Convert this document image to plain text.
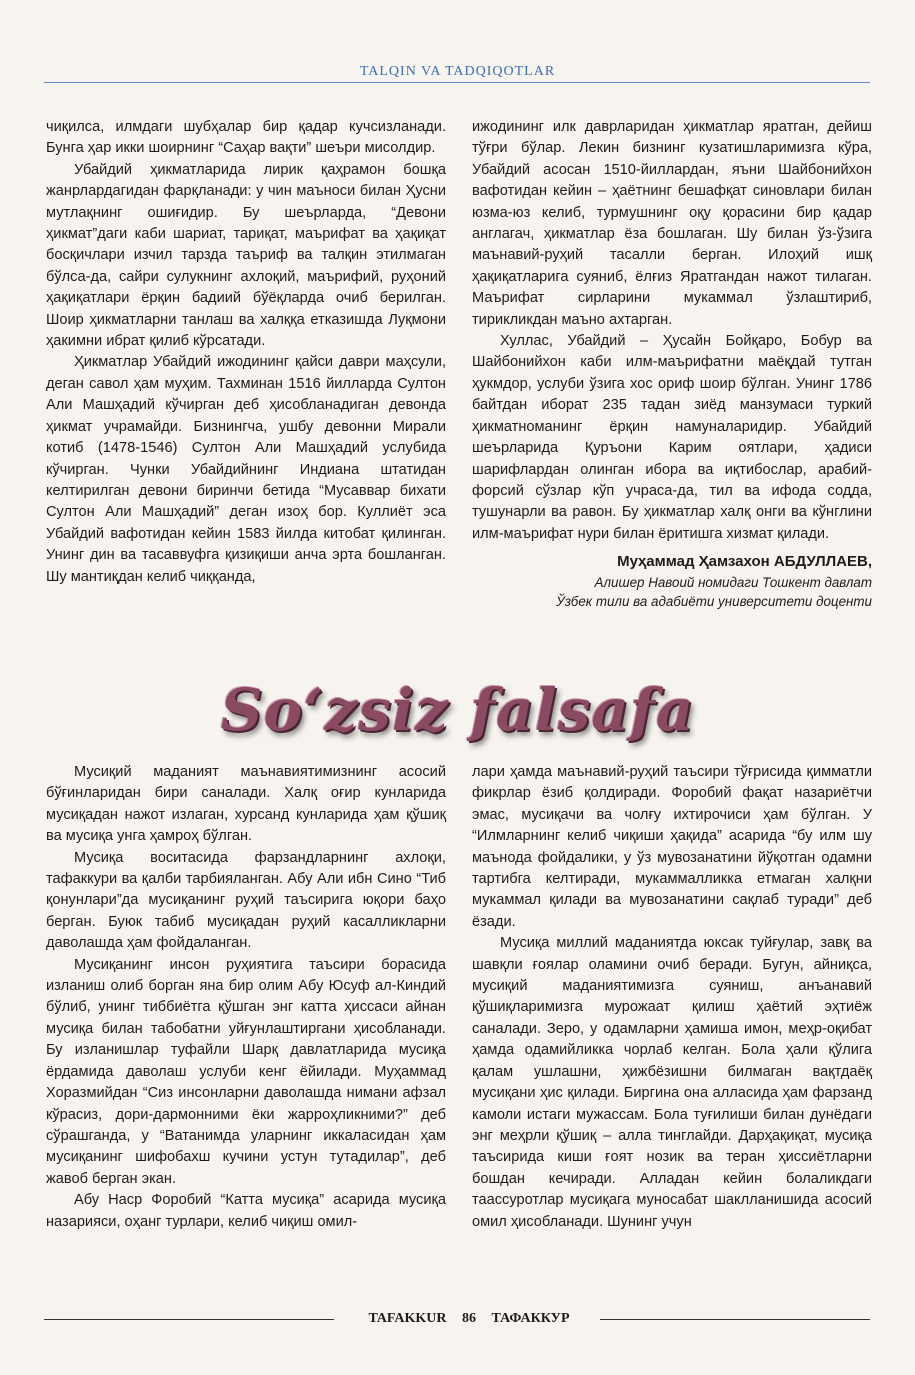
TALQIN VA TADQIQOTLAR

чиқилса, илмдаги шубҳалар бир қадар кучсизланади. Бунга ҳар икки шоирнинг “Саҳар вақти” шеъри мисолдир.

Убайдий ҳикматларида лирик қаҳрамон бошқа жанрлардагидан фарқланади: у чин маъноси билан Ҳусни мутлақнинг ошиғидир. Бу шеърларда, “Девони ҳикмат”даги каби шариат, тариқат, маърифат ва ҳақиқат босқичлари изчил тарзда таъриф ва талқин этилмаган бўлса-да, сайри сулукнинг ахлоқий, маърифий, руҳоний ҳақиқатлари ёрқин бадиий бўёқларда очиб берилган. Шоир ҳикматларни танлаш ва халққа етказишда Луқмони ҳакимни ибрат қилиб кўрсатади.

Ҳикматлар Убайдий ижодининг қайси даври маҳсули, деган савол ҳам муҳим. Тахминан 1516 йилларда Султон Али Машҳадий кўчирган деб ҳисобланадиган девонда ҳикмат учрамайди. Бизнингча, ушбу девонни Мирали котиб (1478-1546) Султон Али Машҳадий услубида кўчирган. Чунки Убайдийнинг Индиана штатидан келтирилган девони биринчи бетида “Мусаввар бихати Султон Али Машҳадий” деган изоҳ бор. Куллиёт эса Убайдий вафотидан кейин 1583 йилда китобат қилинган. Унинг дин ва тасаввуфга қизиқиши анча эрта бошланган. Шу мантиқдан келиб чиққанда,

ижодининг илк даврларидан ҳикматлар яратган, дейиш тўғри бўлар. Лекин бизнинг кузатишларимизга кўра, Убайдий асосан 1510-йиллардан, яъни Шайбонийхон вафотидан кейин – ҳаётнинг бешафқат синовлари билан юзма-юз келиб, турмушнинг оқу қорасини бир қадар англагач, ҳикматлар ёза бошлаган. Шу билан ўз-ўзига маънавий-руҳий тасалли берган. Илоҳий ишқ ҳақиқатларига суяниб, ёлғиз Яратгандан нажот тилаган. Маърифат сирларини мукаммал ўзлаштириб, тирикликдан маъно ахтарган.

Хуллас, Убайдий – Ҳусайн Бойқаро, Бобур ва Шайбонийхон каби илм-маърифатни маёқдай тутган ҳукмдор, услуби ўзига хос ориф шоир бўлган. Унинг 1786 байтдан иборат 235 тадан зиёд манзумаси туркий ҳикматноманинг ёрқин намуналаридир. Убайдий шеърларида Қуръони Карим оятлари, ҳадиси шарифлардан олинган ибора ва иқтибослар, арабий-форсий сўзлар кўп учраса-да, тил ва ифода содда, тушунарли ва равон. Бу ҳикматлар халқ онги ва кўнглини илм-маърифат нури билан ёритишга хизмат қилади.

Муҳаммад Ҳамзахон АБДУЛЛАЕВ,
Алишер Навоий номидаги Тошкент давлат
Ўзбек тили ва адабиёти университети доценти
So‘zsiz falsafa

Мусиқий маданият маънавиятимизнинг асосий бўғинларидан бири саналади. Халқ оғир кунларида мусиқадан нажот излаган, хурсанд кунларида ҳам қўшиқ ва мусиқа унга ҳамроҳ бўлган.

Мусиқа воситасида фарзандларнинг ахлоқи, тафаккури ва қалби тарбияланган. Абу Али ибн Сино “Тиб қонунлари”да мусиқанинг руҳий таъсирига юқори баҳо берган. Буюк табиб мусиқадан руҳий касалликларни даволашда ҳам фойдаланган.

Мусиқанинг инсон руҳиятига таъсири борасида изланиш олиб борган яна бир олим Абу Юсуф ал-Киндий бўлиб, унинг тиббиётга қўшган энг катта ҳиссаси айнан мусиқа билан табобатни уйғунлаштиргани ҳисобланади. Бу изланишлар туфайли Шарқ давлатларида мусиқа ёрдамида даволаш услуби кенг ёйилади. Муҳаммад Хоразмийдан “Сиз инсонларни даволашда нимани афзал кўрасиз, дори-дармонними ёки жарроҳликними?” деб сўрашганда, у “Ватанимда уларнинг иккаласидан ҳам мусиқанинг шифобахш кучини устун тутадилар”, деб жавоб берган экан.

Абу Наср Форобий “Катта мусиқа” асарида мусиқа назарияси, оҳанг турлари, келиб чиқиш омил-

лари ҳамда маънавий-руҳий таъсири тўғрисида қимматли фикрлар ёзиб қолдиради. Форобий фақат назариётчи эмас, мусиқачи ва чолғу ихтирочиси ҳам бўлган. У “Илмларнинг келиб чиқиши ҳақида” асарида “бу илм шу маънода фойдалики, у ўз мувозанатини йўқотган одамни тартибга келтиради, мукаммалликка етмаган халқни мукаммал қилади ва мувозанатини сақлаб туради” деб ёзади.

Мусиқа миллий маданиятда юксак туйғулар, завқ ва шавқли ғоялар оламини очиб беради. Бугун, айниқса, мусиқий маданиятимизга суяниш, анъанавий қўшиқларимизга мурожаат қилиш ҳаётий эҳтиёж саналади. Зеро, у одамларни ҳамиша имон, меҳр-оқибат ҳамда одамийликка чорлаб келган. Бола ҳали қўлига қалам ушлашни, ҳижбёзишни билмаган вақтдаёқ мусиқани ҳис қилади. Биргина она алласида ҳам фарзанд камоли истаги мужассам. Бола туғилиши билан дунёдаги энг меҳрли қўшиқ – алла тинглайди. Дарҳақиқат, мусиқа таъсирида киши ғоят нозик ва теран ҳиссиётларни бошдан кечиради. Алладан кейин болаликдаги таассуротлар мусиқага муносабат шаклланишида асосий омил ҳисобланади. Шунинг учун

TAFAKKUR 86 ТАФАККУР
